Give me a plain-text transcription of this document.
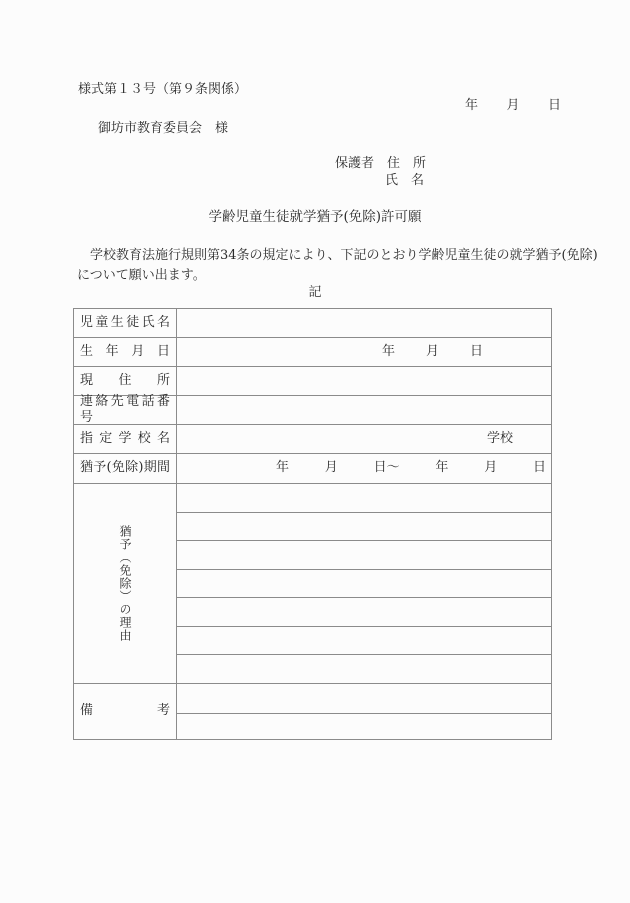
様式第１３号（第９条関係）
年 月 日
御坊市教育委員会　様
保護者　住　所
氏　名
学齢児童生徒就学猶予(免除)許可願
　学校教育法施行規則第34条の規定により、下記のとおり学齢児童生徒の就学猶予(免除)
について願い出ます。
記
児童生徒氏名
生年月日	年 月 日
現住所
連絡先電話番号
指定学校名	学校
猶予(免除)期間	年	月	日～	年	月	日
猶予（免除）の理由
備考
